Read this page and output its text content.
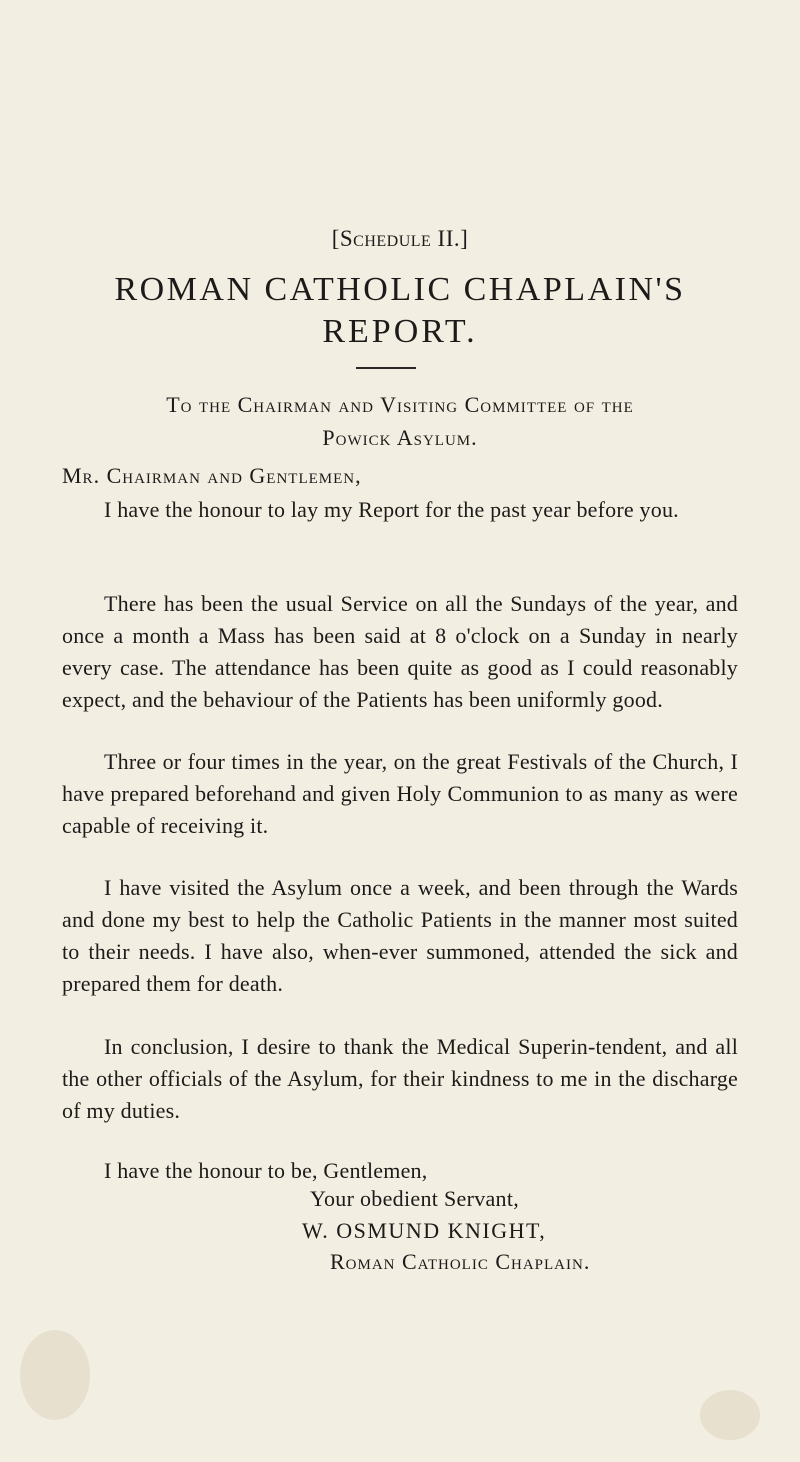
[Schedule II.]
ROMAN CATHOLIC CHAPLAIN'S
REPORT.
To the Chairman and Visiting Committee of the
Powick Asylum.
Mr. Chairman and Gentlemen,

I have the honour to lay my Report for the past year before you.

There has been the usual Service on all the Sundays of the year, and once a month a Mass has been said at 8 o'clock on a Sunday in nearly every case. The attendance has been quite as good as I could reasonably expect, and the behaviour of the Patients has been uniformly good.

Three or four times in the year, on the great Festivals of the Church, I have prepared beforehand and given Holy Communion to as many as were capable of receiving it.

I have visited the Asylum once a week, and been through the Wards and done my best to help the Catholic Patients in the manner most suited to their needs. I have also, when-ever summoned, attended the sick and prepared them for death.

In conclusion, I desire to thank the Medical Superin-tendent, and all the other officials of the Asylum, for their kindness to me in the discharge of my duties.

I have the honour to be, Gentlemen,

Your obedient Servant,
W. OSMUND KNIGHT,
Roman Catholic Chaplain.
